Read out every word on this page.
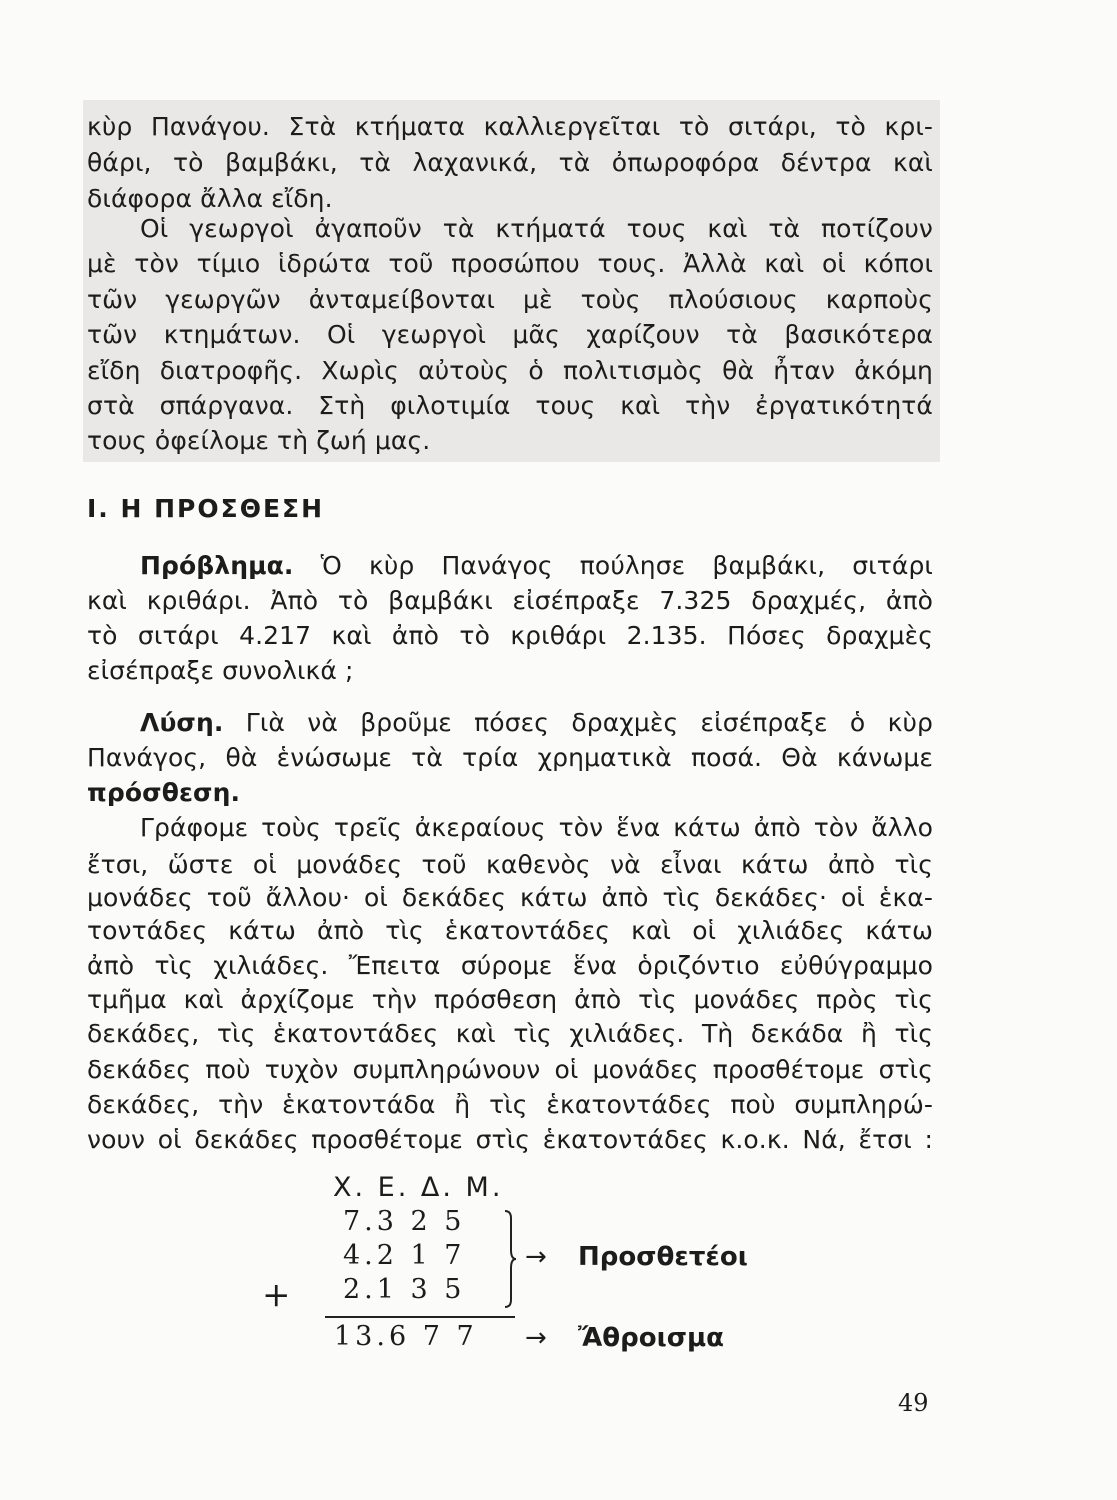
κὺρ Πανάγου. Στὰ κτήματα καλλιεργεῖται τὸ σιτάρι, τὸ κρι-
θάρι, τὸ βαμβάκι, τὰ λαχανικά, τὰ ὀπωροφόρα δέντρα καὶ
διάφορα ἄλλα εἴδη.
Οἱ γεωργοὶ ἀγαποῦν τὰ κτήματά τους καὶ τὰ ποτίζουν
μὲ τὸν τίμιο ἱδρώτα τοῦ προσώπου τους. Ἀλλὰ καὶ οἱ κόποι
τῶν γεωργῶν ἀνταμείβονται μὲ τοὺς πλούσιους καρποὺς
τῶν κτημάτων. Οἱ γεωργοὶ μᾶς χαρίζουν τὰ βασικότερα
εἴδη διατροφῆς. Χωρὶς αὐτοὺς ὁ πολιτισμὸς θὰ ἦταν ἀκόμη
στὰ σπάργανα. Στὴ φιλοτιμία τους καὶ τὴν ἐργατικότητά
τους ὀφείλομε τὴ ζωή μας.
I. Η ΠΡΟΣΘΕΣΗ
Πρόβλημα. Ὁ κὺρ Πανάγος πούλησε βαμβάκι, σιτάρι
καὶ κριθάρι. Ἀπὸ τὸ βαμβάκι εἰσέπραξε 7.325 δραχμές, ἀπὸ
τὸ σιτάρι 4.217 καὶ ἀπὸ τὸ κριθάρι 2.135. Πόσες δραχμὲς
εἰσέπραξε συνολικά ;
Λύση. Γιὰ νὰ βροῦμε πόσες δραχμὲς εἰσέπραξε ὁ κὺρ
Πανάγος, θὰ ἑνώσωμε τὰ τρία χρηματικὰ ποσά. Θὰ κάνωμε
πρόσθεση.
Γράφομε τοὺς τρεῖς ἀκεραίους τὸν ἕνα κάτω ἀπὸ τὸν ἄλλο
ἔτσι, ὥστε οἱ μονάδες τοῦ καθενὸς νὰ εἶναι κάτω ἀπὸ τὶς
μονάδες τοῦ ἄλλου· οἱ δεκάδες κάτω ἀπὸ τὶς δεκάδες· οἱ ἑκα-
τοντάδες κάτω ἀπὸ τὶς ἑκατοντάδες καὶ οἱ χιλιάδες κάτω
ἀπὸ τὶς χιλιάδες. Ἔπειτα σύρομε ἕνα ὁριζόντιο εὐθύγραμμο
τμῆμα καὶ ἀρχίζομε τὴν πρόσθεση ἀπὸ τὶς μονάδες πρὸς τὶς
δεκάδες, τὶς ἑκατοντάδες καὶ τὶς χιλιάδες. Τὴ δεκάδα ἢ τὶς
δεκάδες ποὺ τυχὸν συμπληρώνουν οἱ μονάδες προσθέτομε στὶς
δεκάδες, τὴν ἑκατοντάδα ἢ τὶς ἑκατοντάδες ποὺ συμπληρώ-
νουν οἱ δεκάδες προσθέτομε στὶς ἑκατοντάδες κ.ο.κ. Νά, ἔτσι :
Χ. Ε. Δ. Μ.
7.3 2 5
4.2 1 7
2.1 3 5
+
→ Προσθετέοι
13.6 7 7 → Ἄθροισμα
49
